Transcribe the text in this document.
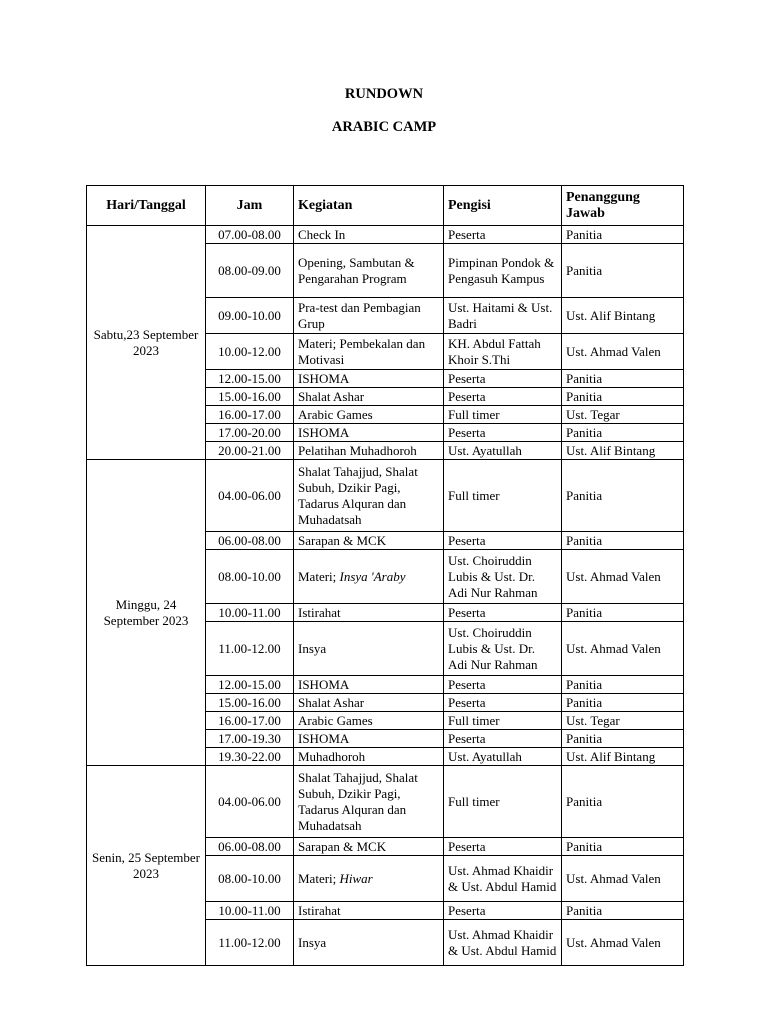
RUNDOWN
ARABIC CAMP
Hari/Tanggal	Jam	Kegiatan	Pengisi	Penanggung Jawab
Sabtu,23 September 2023	07.00-08.00	Check In	Peserta	Panitia
	08.00-09.00	Opening, Sambutan & Pengarahan Program	Pimpinan Pondok & Pengasuh Kampus	Panitia
	09.00-10.00	Pra-test dan Pembagian Grup	Ust. Haitami & Ust. Badri	Ust. Alif Bintang
	10.00-12.00	Materi; Pembekalan dan Motivasi	KH. Abdul Fattah Khoir S.Thi	Ust. Ahmad Valen
	12.00-15.00	ISHOMA	Peserta	Panitia
	15.00-16.00	Shalat Ashar	Peserta	Panitia
	16.00-17.00	Arabic Games	Full timer	Ust. Tegar
	17.00-20.00	ISHOMA	Peserta	Panitia
	20.00-21.00	Pelatihan Muhadhoroh	Ust. Ayatullah	Ust. Alif Bintang
Minggu, 24 September 2023	04.00-06.00	Shalat Tahajjud, Shalat Subuh, Dzikir Pagi, Tadarus Alquran dan Muhadatsah	Full timer	Panitia
	06.00-08.00	Sarapan & MCK	Peserta	Panitia
	08.00-10.00	Materi; Insya 'Araby	Ust. Choiruddin Lubis & Ust. Dr. Adi Nur Rahman	Ust. Ahmad Valen
	10.00-11.00	Istirahat	Peserta	Panitia
	11.00-12.00	Insya	Ust. Choiruddin Lubis & Ust. Dr. Adi Nur Rahman	Ust. Ahmad Valen
	12.00-15.00	ISHOMA	Peserta	Panitia
	15.00-16.00	Shalat Ashar	Peserta	Panitia
	16.00-17.00	Arabic Games	Full timer	Ust. Tegar
	17.00-19.30	ISHOMA	Peserta	Panitia
	19.30-22.00	Muhadhoroh	Ust. Ayatullah	Ust. Alif Bintang
Senin, 25 September 2023	04.00-06.00	Shalat Tahajjud, Shalat Subuh, Dzikir Pagi, Tadarus Alquran dan Muhadatsah	Full timer	Panitia
	06.00-08.00	Sarapan & MCK	Peserta	Panitia
	08.00-10.00	Materi; Hiwar	Ust. Ahmad Khaidir & Ust. Abdul Hamid	Ust. Ahmad Valen
	10.00-11.00	Istirahat	Peserta	Panitia
	11.00-12.00	Insya	Ust. Ahmad Khaidir & Ust. Abdul Hamid	Ust. Ahmad Valen
